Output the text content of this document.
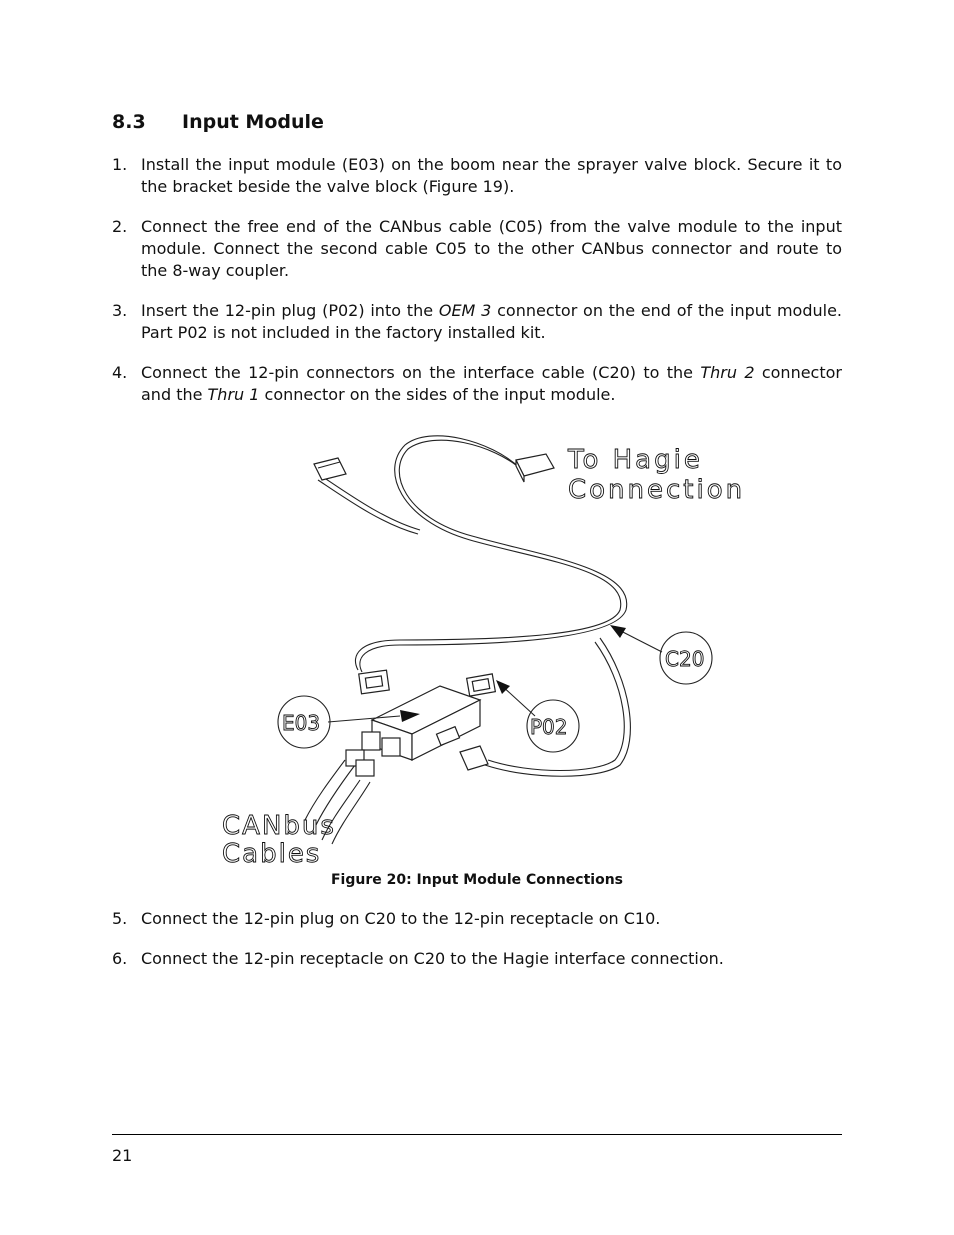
8.3 Input Module
1. Install the input module (E03) on the boom near the sprayer valve block. Secure it to the bracket beside the valve block (Figure 19).
2. Connect the free end of the CANbus cable (C05) from the valve module to the input module. Connect the second cable C05 to the other CANbus connector and route to the 8-way coupler.
3. Insert the 12-pin plug (P02) into the OEM 3 connector on the end of the input module. Part P02 is not included in the factory installed kit.
4. Connect the 12-pin connectors on the interface cable (C20) to the Thru 2 connector and the Thru 1 connector on the sides of the input module.
To Hagie
Connection
C20
E03	P02
CANbus
Cables
Figure 20: Input Module Connections
5. Connect the 12-pin plug on C20 to the 12-pin receptacle on C10.
6. Connect the 12-pin receptacle on C20 to the Hagie interface connection.
21
